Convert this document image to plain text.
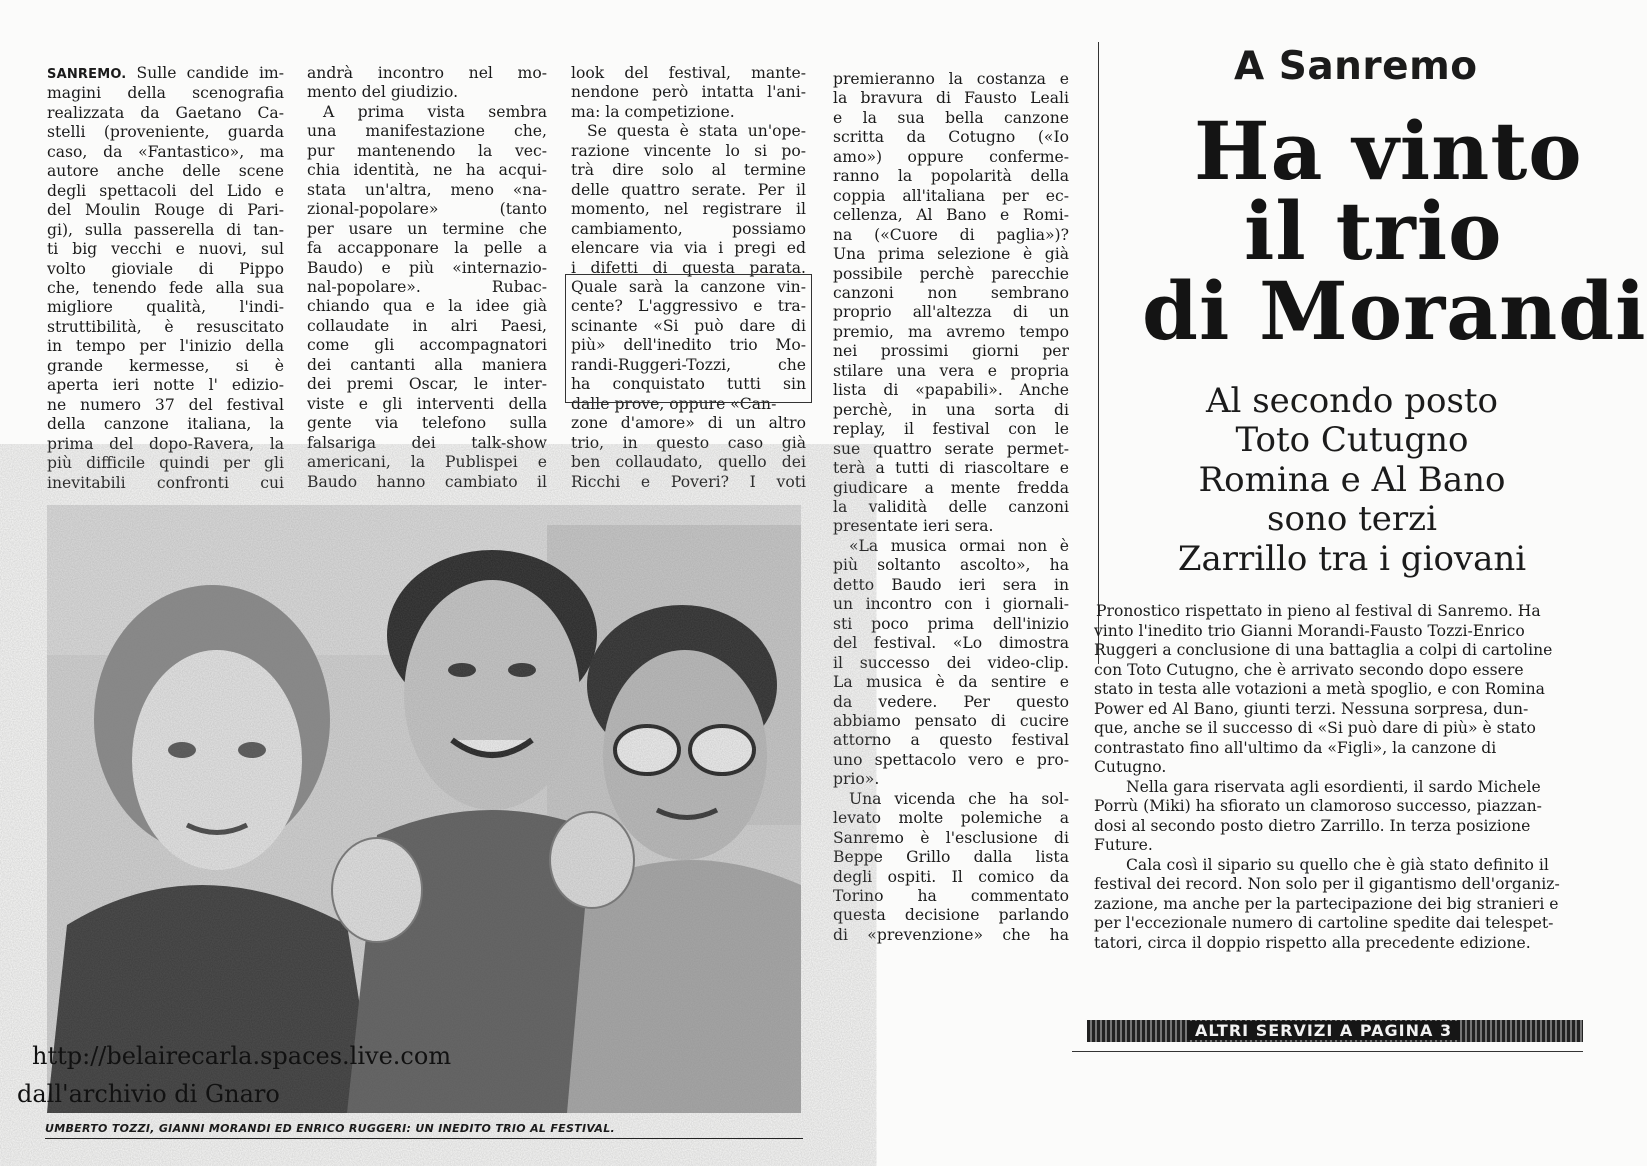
SANREMO. Sulle candide im-
magini della scenografia
realizzata da Gaetano Ca-
stelli (proveniente, guarda
caso, da «Fantastico», ma
autore anche delle scene
degli spettacoli del Lido e
del Moulin Rouge di Pari-
gi), sulla passerella di tan-
ti big vecchi e nuovi, sul
volto gioviale di Pippo
che, tenendo fede alla sua
migliore qualità, l'indi-
struttibilità, è resuscitato
in tempo per l'inizio della
grande kermesse, si è
aperta ieri notte l' edizio-
ne numero 37 del festival
della canzone italiana, la
prima del dopo-Ravera, la
più difficile quindi per gli
inevitabili confronti cui
andrà incontro nel mo-
mento del giudizio.
A prima vista sembra
una manifestazione che,
pur mantenendo la vec-
chia identità, ne ha acqui-
stata un'altra, meno «na-
zional-popolare» (tanto
per usare un termine che
fa accapponare la pelle a
Baudo) e più «internazio-
nal-popolare». Rubac-
chiando qua e la idee già
collaudate in alri Paesi,
come gli accompagnatori
dei cantanti alla maniera
dei premi Oscar, le inter-
viste e gli interventi della
gente via telefono sulla
falsariga dei talk-show
americani, la Publispei e
Baudo hanno cambiato il
look del festival, mante-
nendone però intatta l'ani-
ma: la competizione.
Se questa è stata un'ope-
razione vincente lo si po-
trà dire solo al termine
delle quattro serate. Per il
momento, nel registrare il
cambiamento, possiamo
elencare via via i pregi ed
i difetti di questa parata.
Quale sarà la canzone vin-
cente? L'aggressivo e tra-
scinante «Si può dare di
più» dell'inedito trio Mo-
randi-Ruggeri-Tozzi, che
ha conquistato tutti sin
dalle prove, oppure «Can-
zone d'amore» di un altro
trio, in questo caso già
ben collaudato, quello dei
Ricchi e Poveri? I voti
premieranno la costanza e
la bravura di Fausto Leali
e la sua bella canzone
scritta da Cotugno («Io
amo») oppure conferme-
ranno la popolarità della
coppia all'italiana per ec-
cellenza, Al Bano e Romi-
na («Cuore di paglia»)?
Una prima selezione è già
possibile perchè parecchie
canzoni non sembrano
proprio all'altezza di un
premio, ma avremo tempo
nei prossimi giorni per
stilare una vera e propria
lista di «papabili». Anche
perchè, in una sorta di
replay, il festival con le
sue quattro serate permet-
terà a tutti di riascoltare e
giudicare a mente fredda
la validità delle canzoni
presentate ieri sera.
«La musica ormai non è
più soltanto ascolto», ha
detto Baudo ieri sera in
un incontro con i giornali-
sti poco prima dell'inizio
del festival. «Lo dimostra
il successo dei video-clip.
La musica è da sentire e
da vedere. Per questo
abbiamo pensato di cucire
attorno a questo festival
uno spettacolo vero e pro-
prio».
Una vicenda che ha sol-
levato molte polemiche a
Sanremo è l'esclusione di
Beppe Grillo dalla lista
degli ospiti. Il comico da
Torino ha commentato
questa decisione parlando
di «prevenzione» che ha
UMBERTO TOZZI, GIANNI MORANDI ED ENRICO RUGGERI: UN INEDITO TRIO AL FESTIVAL.
http://belairecarla.spaces.live.com
dall'archivio di Gnaro
A Sanremo
Ha vinto
il trio
di Morandi
Al secondo posto
Toto Cutugno
Romina e Al Bano
sono terzi
Zarrillo tra i giovani
Pronostico rispettato in pieno al festival di Sanremo. Ha
vinto l'inedito trio Gianni Morandi-Fausto Tozzi-Enrico
Ruggeri a conclusione di una battaglia a colpi di cartoline
con Toto Cutugno, che è arrivato secondo dopo essere
stato in testa alle votazioni a metà spoglio, e con Romina
Power ed Al Bano, giunti terzi. Nessuna sorpresa, dun-
que, anche se il successo di «Si può dare di più» è stato
contrastato fino all'ultimo da «Figli», la canzone di
Cutugno.
Nella gara riservata agli esordienti, il sardo Michele
Porrù (Miki) ha sfiorato un clamoroso successo, piazzan-
dosi al secondo posto dietro Zarrillo. In terza posizione
Future.
Cala così il sipario su quello che è già stato definito il
festival dei record. Non solo per il gigantismo dell'organiz-
zazione, ma anche per la partecipazione dei big stranieri e
per l'eccezionale numero di cartoline spedite dai telespet-
tatori, circa il doppio rispetto alla precedente edizione.
ALTRI SERVIZI A PAGINA 3
